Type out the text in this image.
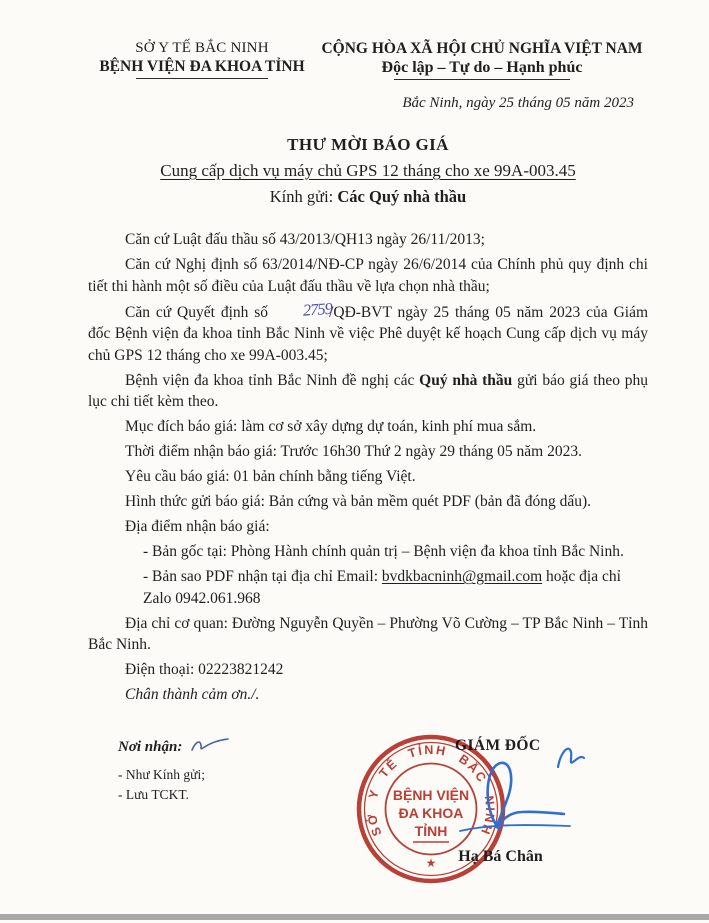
SỞ Y TẾ BẮC NINH
BỆNH VIỆN ĐA KHOA TỈNH
CỘNG HÒA XÃ HỘI CHỦ NGHĨA VIỆT NAM
Độc lập – Tự do – Hạnh phúc
Bắc Ninh, ngày 25 tháng 05 năm 2023
THƯ MỜI BÁO GIÁ
Cung cấp dịch vụ máy chủ GPS 12 tháng cho xe 99A-003.45
Kính gửi: Các Quý nhà thầu

Căn cứ Luật đấu thầu số 43/2013/QH13 ngày 26/11/2013;

Căn cứ Nghị định số 63/2014/NĐ-CP ngày 26/6/2014 của Chính phủ quy định chi tiết thi hành một số điều của Luật đấu thầu về lựa chọn nhà thầu;

Căn cứ Quyết định số 2759/QĐ-BVT ngày 25 tháng 05 năm 2023 của Giám đốc Bệnh viện đa khoa tỉnh Bắc Ninh về việc Phê duyệt kế hoạch Cung cấp dịch vụ máy chủ GPS 12 tháng cho xe 99A-003.45;

Bệnh viện đa khoa tỉnh Bắc Ninh đề nghị các Quý nhà thầu gửi báo giá theo phụ lục chi tiết kèm theo.

Mục đích báo giá: làm cơ sở xây dựng dự toán, kinh phí mua sắm.

Thời điểm nhận báo giá: Trước 16h30 Thứ 2 ngày 29 tháng 05 năm 2023.

Yêu cầu báo giá: 01 bản chính bằng tiếng Việt.

Hình thức gửi báo giá: Bản cứng và bản mềm quét PDF (bản đã đóng dấu).

Địa điểm nhận báo giá:

- Bản gốc tại: Phòng Hành chính quản trị – Bệnh viện đa khoa tỉnh Bắc Ninh.

- Bản sao PDF nhận tại địa chỉ Email: bvdkbacninh@gmail.com hoặc địa chỉ
Zalo 0942.061.968

Địa chỉ cơ quan: Đường Nguyễn Quyền – Phường Võ Cường – TP Bắc Ninh – Tỉnh Bắc Ninh.

Điện thoại: 02223821242

Chân thành cảm ơn./.

Nơi nhận:
- Như Kính gửi;
- Lưu TCKT.
GIÁM ĐỐC
SỞ Y TẾ TỈNH BẮC NINH
★
BỆNH VIỆN
ĐA KHOA
TỈNH
Hạ Bá Chân
